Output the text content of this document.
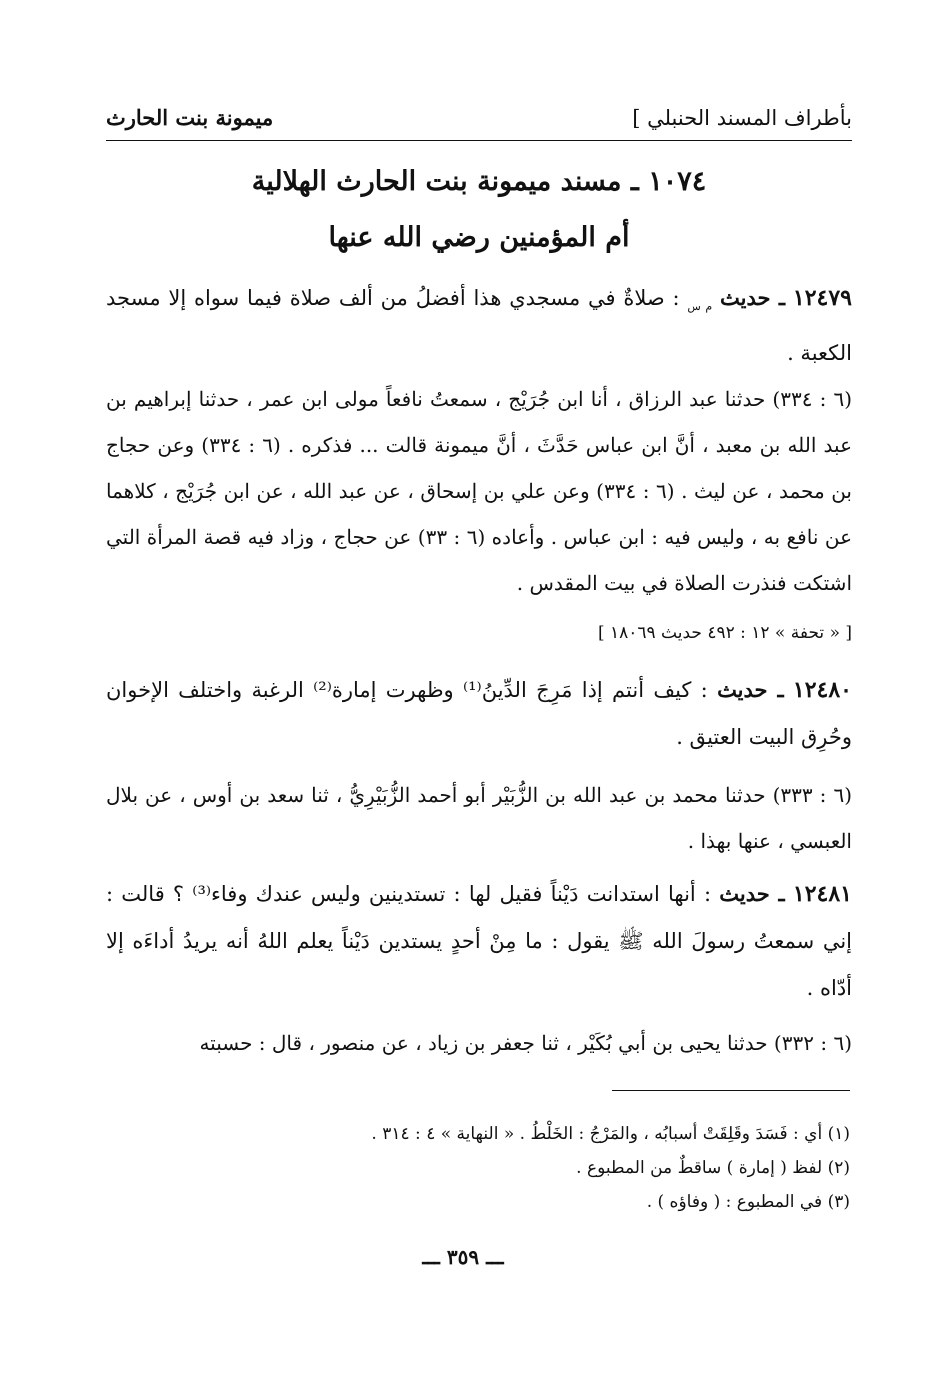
بأطراف المسند الحنبلي ]
ميمونة بنت الحارث
١٠٧٤ ـ مسند ميمونة بنت الحارث الهلالية
أم المؤمنين رضي الله عنها
١٢٤٧٩ ـ حديث $_{م س}$ : صلاةٌ في مسجدي هذا أفضلُ من ألف صلاة فيما سواه إلا مسجد الكعبة .
(٦ : ٣٣٤) حدثنا عبد الرزاق ، أنا ابن جُرَيْج ، سمعتُ نافعاً مولى ابن عمر ، حدثنا إبراهيم بن عبد الله بن معبد ، أنَّ ابن عباس حَدَّثَ ، أنَّ ميمونة قالت ... فذكره . (٦ : ٣٣٤) وعن حجاج بن محمد ، عن ليث . (٦ : ٣٣٤) وعن علي بن إسحاق ، عن عبد الله ، عن ابن جُرَيْج ، كلاهما عن نافع به ، وليس فيه : ابن عباس . وأعاده (٦ : ٣٣) عن حجاج ، وزاد فيه قصة المرأة التي اشتكت فنذرت الصلاة في بيت المقدس .
[ « تحفة » ١٢ : ٤٩٢ حديث ١٨٠٦٩ ]
١٢٤٨٠ ـ حديث : كيف أنتم إذا مَرِجَ الدِّينُ⁽¹⁾ وظهرت إمارة⁽²⁾ الرغبة واختلف الإخوان وحُرِق البيت العتيق .
(٦ : ٣٣٣) حدثنا محمد بن عبد الله بن الزُّبَيْر أبو أحمد الزُّبَيْرِيُّ ، ثنا سعد بن أوس ، عن بلال العبسي ، عنها بهذا .
١٢٤٨١ ـ حديث : أنها استدانت دَيْناً فقيل لها : تستدينين وليس عندك وفاء⁽³⁾ ؟ قالت : إني سمعتُ رسولَ الله ﷺ يقول : ما مِنْ أحدٍ يستدين دَيْناً يعلم اللهُ أنه يريدُ أداءَه إلا أدّاه .
(٦ : ٣٣٢) حدثنا يحيى بن أبي بُكَيْر ، ثنا جعفر بن زياد ، عن منصور ، قال : حسبته
(١) أي : فَسَدَ وقَلِقَتْ أسبابُه ، والمَرْجُ : الخَلْطُ . « النهاية » ٤ : ٣١٤ .
(٢) لفظ ( إمارة ) ساقطٌ من المطبوع .
(٣) في المطبوع : ( وفاؤه ) .
ـــ ٣٥٩ ـــ
